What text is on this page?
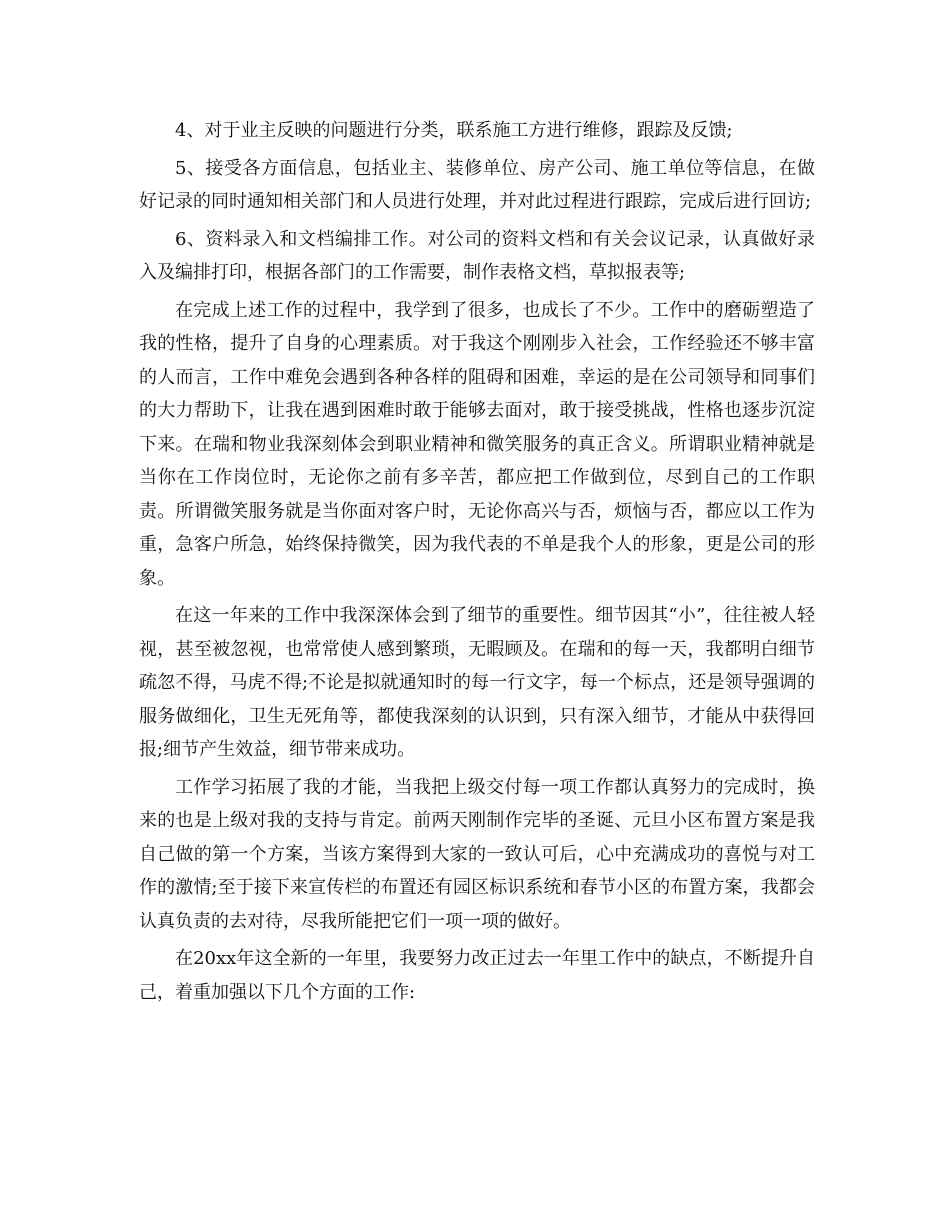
4、对于业主反映的问题进行分类，联系施工方进行维修，跟踪及反馈;

5、接受各方面信息，包括业主、装修单位、房产公司、施工单位等信息，在做好记录的同时通知相关部门和人员进行处理，并对此过程进行跟踪，完成后进行回访;

6、资料录入和文档编排工作。对公司的资料文档和有关会议记录，认真做好录入及编排打印，根据各部门的工作需要，制作表格文档，草拟报表等;

在完成上述工作的过程中，我学到了很多，也成长了不少。工作中的磨砺塑造了我的性格，提升了自身的心理素质。对于我这个刚刚步入社会，工作经验还不够丰富的人而言，工作中难免会遇到各种各样的阻碍和困难，幸运的是在公司领导和同事们的大力帮助下，让我在遇到困难时敢于能够去面对，敢于接受挑战，性格也逐步沉淀下来。在瑞和物业我深刻体会到职业精神和微笑服务的真正含义。所谓职业精神就是当你在工作岗位时，无论你之前有多辛苦，都应把工作做到位，尽到自己的工作职责。所谓微笑服务就是当你面对客户时，无论你高兴与否，烦恼与否，都应以工作为重，急客户所急，始终保持微笑，因为我代表的不单是我个人的形象，更是公司的形象。

在这一年来的工作中我深深体会到了细节的重要性。细节因其“小”，往往被人轻视，甚至被忽视，也常常使人感到繁琐，无暇顾及。在瑞和的每一天，我都明白细节疏忽不得，马虎不得;不论是拟就通知时的每一行文字，每一个标点，还是领导强调的服务做细化，卫生无死角等，都使我深刻的认识到，只有深入细节，才能从中获得回报;细节产生效益，细节带来成功。

工作学习拓展了我的才能，当我把上级交付每一项工作都认真努力的完成时，换来的也是上级对我的支持与肯定。前两天刚制作完毕的圣诞、元旦小区布置方案是我自己做的第一个方案，当该方案得到大家的一致认可后，心中充满成功的喜悦与对工作的激情;至于接下来宣传栏的布置还有园区标识系统和春节小区的布置方案，我都会认真负责的去对待，尽我所能把它们一项一项的做好。

在20xx年这全新的一年里，我要努力改正过去一年里工作中的缺点，不断提升自己，着重加强以下几个方面的工作:
